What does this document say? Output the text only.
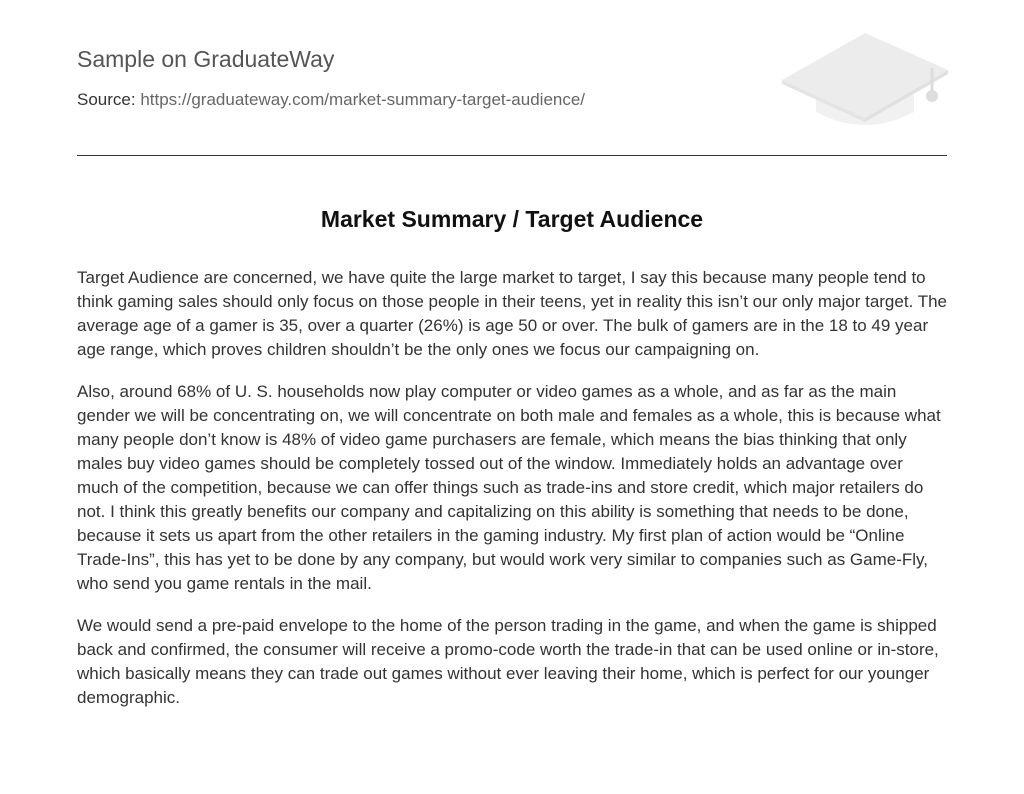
Sample on GraduateWay
Source: https://graduateway.com/market-summary-target-audience/
Market Summary / Target Audience

Target Audience are concerned, we have quite the large market to target, I say this because many people tend to think gaming sales should only focus on those people in their teens, yet in reality this isn’t our only major target. The average age of a gamer is 35, over a quarter (26%) is age 50 or over. The bulk of gamers are in the 18 to 49 year age range, which proves children shouldn’t be the only ones we focus our campaigning on.

Also, around 68% of U. S. households now play computer or video games as a whole, and as far as the main gender we will be concentrating on, we will concentrate on both male and females as a whole, this is because what many people don’t know is 48% of video game purchasers are female, which means the bias thinking that only males buy video games should be completely tossed out of the window. Immediately holds an advantage over much of the competition, because we can offer things such as trade-ins and store credit, which major retailers do not. I think this greatly benefits our company and capitalizing on this ability is something that needs to be done, because it sets us apart from the other retailers in the gaming industry. My first plan of action would be “Online Trade-Ins”, this has yet to be done by any company, but would work very similar to companies such as Game-Fly, who send you game rentals in the mail.

We would send a pre-paid envelope to the home of the person trading in the game, and when the game is shipped back and confirmed, the consumer will receive a promo-code worth the trade-in that can be used online or in-store, which basically means they can trade out games without ever leaving their home, which is perfect for our younger demographic.
